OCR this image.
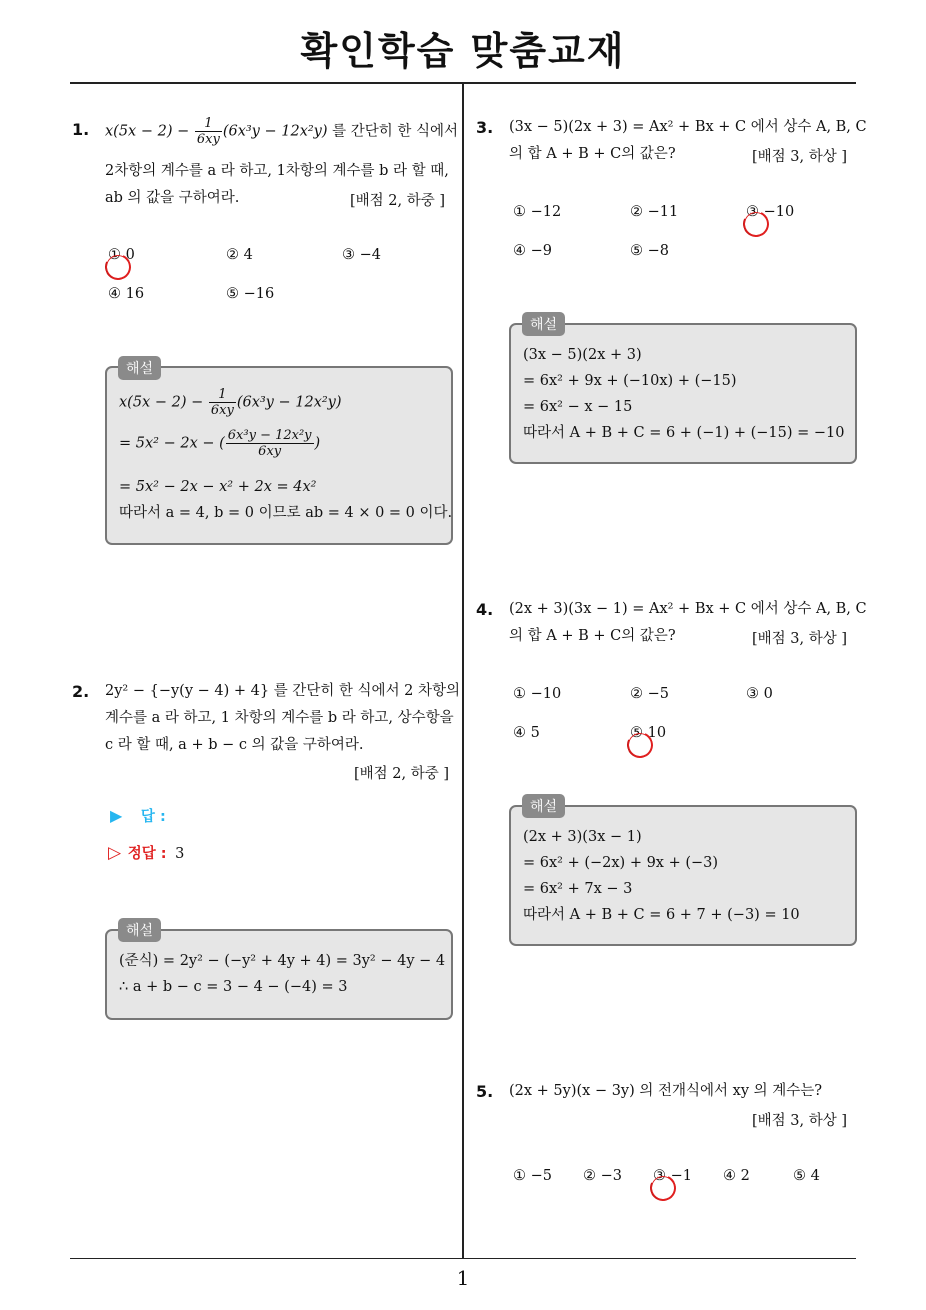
확인학습 맞춤교재
1
1. $x(5x - 2) - \frac{1}{6xy} (6x^3y - 12x^2y)$ 를 간단히 한 식에서
2차항의 계수를 a 라 하고, 1차항의 계수를 b 라 할 때,
ab 의 값을 구하여라.	[배점 2, 하중 ]
① 0	② 4	③ −4
④ 16	⑤ −16
$x(5x - 2) - \frac{1}{6xy} (6x^3y - 12x^2y)$
= 5x² − 2x − ( $\frac{\text{6x³y − 12x²y}}{6xy}$ )
= 5x² − 2x − x² + 2x = 4x²
따라서 a = 4, b = 0 이므로 ab = 4 × 0 = 0 이다.
해설
2. 2y² − {−y(y − 4) + 4} 를 간단히 한 식에서 2 차항의
계수를 a 라 하고, 1 차항의 계수를 b 라 하고, 상수항을
c 라 할 때, a + b − c 의 값을 구하여라.
[배점 2, 하중 ]
▶ 답 :
▷ 정답 : 3
(준식) = 2y² − (−y² + 4y + 4) = 3y² − 4y − 4
∴ a + b − c = 3 − 4 − (−4) = 3
해설
3. (3x − 5)(2x + 3) = Ax² + Bx + C 에서 상수 A, B, C
의 합 A + B + C의 값은?	[배점 3, 하상 ]
① −12	② −11	③ −10
④ −9	⑤ −8
(3x − 5)(2x + 3)
= 6x² + 9x + (−10x) + (−15)
= 6x² − x − 15
따라서 A + B + C = 6 + (−1) + (−15) = −10
해설
4. (2x + 3)(3x − 1) = Ax² + Bx + C 에서 상수 A, B, C
의 합 A + B + C의 값은?	[배점 3, 하상 ]
① −10	② −5	③ 0
④ 5	⑤ 10
(2x + 3)(3x − 1)
= 6x² + (−2x) + 9x + (−3)
= 6x² + 7x − 3
따라서 A + B + C = 6 + 7 + (−3) = 10
해설
5. (2x + 5y)(x − 3y) 의 전개식에서 xy 의 계수는?
[배점 3, 하상 ]
① −5 ② −3 ③ −1 ④ 2	⑤ 4
